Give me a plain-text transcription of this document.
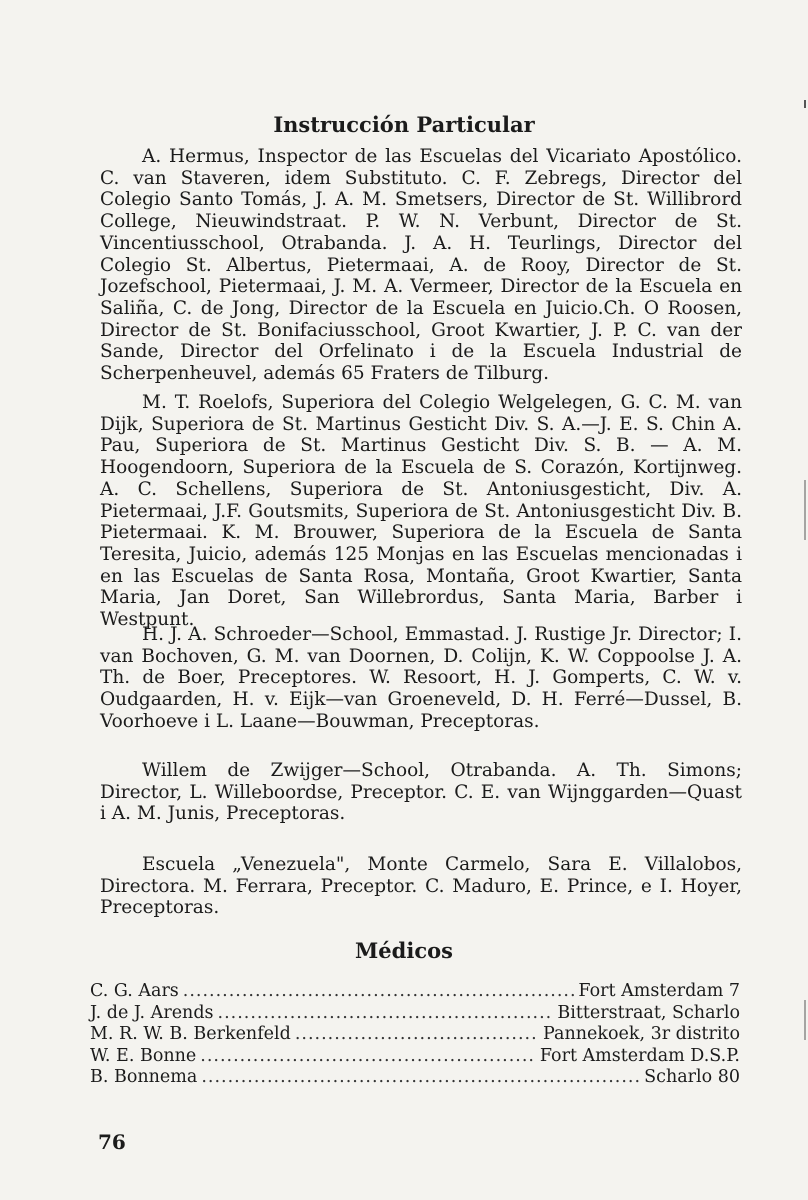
Instrucción Particular

A. Hermus, Inspector de las Escuelas del Vicariato Apostólico. C. van Staveren, idem Substituto. C. F. Zebregs, Director del Colegio Santo Tomás, J. A. M. Smetsers, Director de St. Willibrord College, Nieuwindstraat. P. W. N. Verbunt, Director de St. Vincentiusschool, Otrabanda. J. A. H. Teurlings, Director del Colegio St. Albertus, Pietermaai, A. de Rooy, Director de St. Jozefschool, Pietermaai, J. M. A. Vermeer, Director de la Escuela en Saliña, C. de Jong, Director de la Escuela en Juicio.Ch. O Roosen, Director de St. Bonifaciusschool, Groot Kwartier, J. P. C. van der Sande, Director del Orfelinato i de la Escuela Industrial de Scherpenheuvel, además 65 Fraters de Tilburg.

M. T. Roelofs, Superiora del Colegio Welgelegen, G. C. M. van Dijk, Superiora de St. Martinus Gesticht Div. S. A.—J. E. S. Chin A. Pau, Superiora de St. Martinus Gesticht Div. S. B. — A. M. Hoogendoorn, Superiora de la Escuela de S. Corazón, Kortijnweg. A. C. Schellens, Superiora de St. Antoniusgesticht, Div. A. Pietermaai, J.F. Goutsmits, Superiora de St. Antoniusgesticht Div. B. Pietermaai. K. M. Brouwer, Superiora de la Escuela de Santa Teresita, Juicio, además 125 Monjas en las Escuelas mencionadas i en las Escuelas de Santa Rosa, Montaña, Groot Kwartier, Santa Maria, Jan Doret, San Willebrordus, Santa Maria, Barber i Westpunt.

H. J. A. Schroeder—School, Emmastad. J. Rustige Jr. Director; I. van Bochoven, G. M. van Doornen, D. Colijn, K. W. Coppoolse J. A. Th. de Boer, Preceptores. W. Resoort, H. J. Gomperts, C. W. v. Oudgaarden, H. v. Eijk—van Groeneveld, D. H. Ferré—Dussel, B. Voorhoeve i L. Laane—Bouwman, Preceptoras.

Willem de Zwijger—School, Otrabanda. A. Th. Simons; Director, L. Willeboordse, Preceptor. C. E. van Wijnggarden—Quast i A. M. Junis, Preceptoras.

Escuela „Venezuela", Monte Carmelo, Sara E. Villalobos, Directora. M. Ferrara, Preceptor. C. Maduro, E. Prince, e I. Hoyer, Preceptoras.

Médicos
C. G. Aars .....	Fort Amsterdam 7
J. de J. Arends .....	Bitterstraat, Scharlo
M. R. W. B. Berkenfeld .....	Pannekoek, 3r distrito
W. E. Bonne .....	Fort Amsterdam D.S.P.
B. Bonnema .....	Scharlo 80
76
